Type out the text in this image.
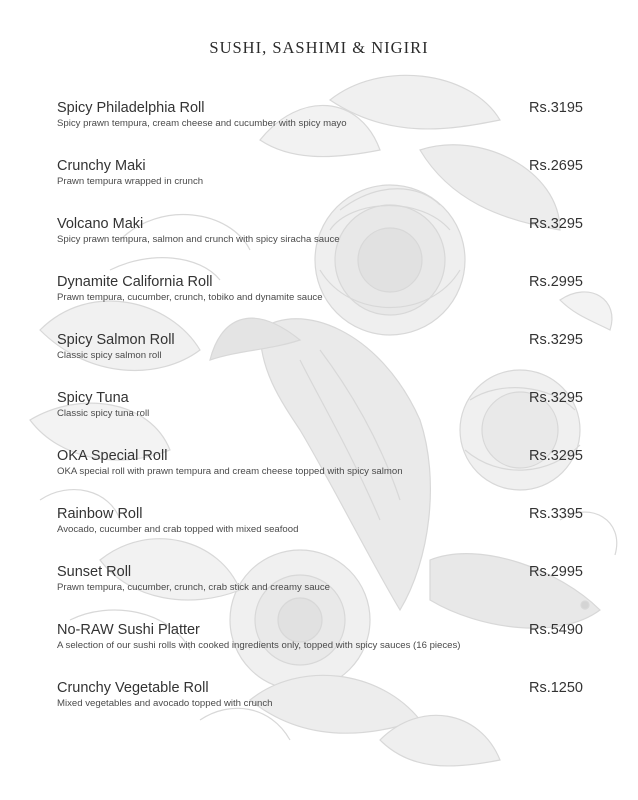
SUSHI, SASHIMI & NIGIRI
Spicy Philadelphia Roll	Rs.3195
Spicy prawn tempura, cream cheese and cucumber with spicy mayo
Crunchy Maki	Rs.2695
Prawn tempura wrapped in crunch
Volcano Maki	Rs.3295
Spicy prawn tempura, salmon and crunch with spicy siracha sauce
Dynamite California Roll	Rs.2995
Prawn tempura, cucumber, crunch, tobiko and dynamite sauce
Spicy Salmon Roll	Rs.3295
Classic spicy salmon roll
Spicy Tuna	Rs.3295
Classic spicy tuna roll
OKA Special Roll	Rs.3295
OKA special roll with prawn tempura and cream cheese topped with spicy salmon
Rainbow Roll	Rs.3395
Avocado, cucumber and crab topped with mixed seafood
Sunset Roll	Rs.2995
Prawn tempura, cucumber, crunch, crab stick and creamy sauce
No-RAW Sushi Platter	Rs.5490
A selection of our sushi rolls with cooked ingredients only, topped with spicy sauces (16 pieces)
Crunchy Vegetable Roll	Rs.1250
Mixed vegetables and avocado topped with crunch
